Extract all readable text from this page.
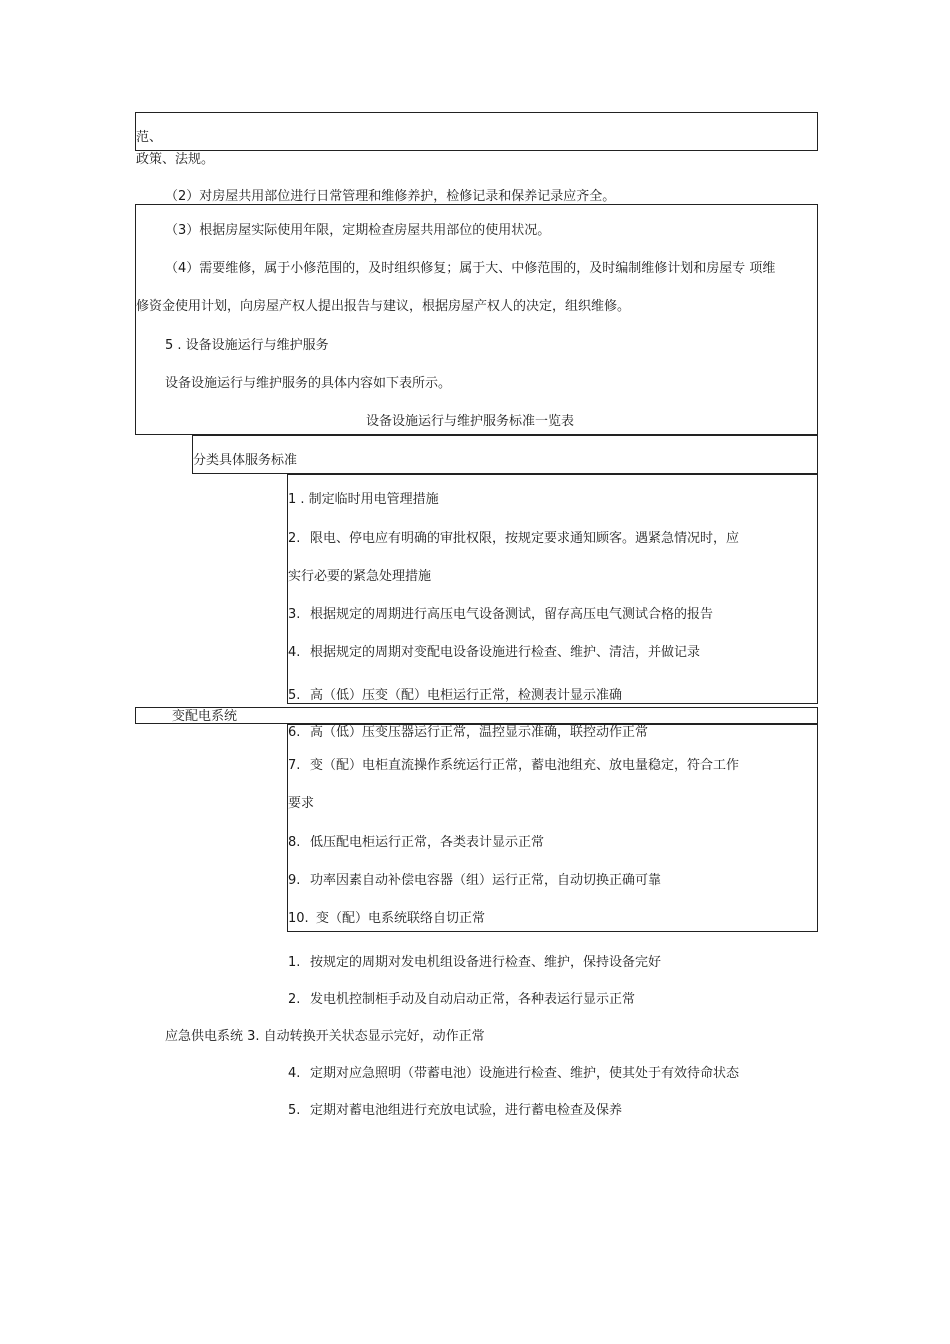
范、
政策、法规。
（2）对房屋共用部位进行日常管理和维修养护，检修记录和保养记录应齐全。
（3）根据房屋实际使用年限，定期检查房屋共用部位的使用状况。
（4）需要维修，属于小修范围的，及时组织修复；属于大、中修范围的，及时编制维修计划和房屋专 项维
修资金使用计划，向房屋产权人提出报告与建议，根据房屋产权人的决定，组织维修。
5 . 设备设施运行与维护服务
设备设施运行与维护服务的具体内容如下表所示。
设备设施运行与维护服务标准一览表
分类具体服务标准
变配电系统
1 . 制定临时用电管理措施
2. 限电、停电应有明确的审批权限，按规定要求通知顾客。遇紧急情况时，应
实行必要的紧急处理措施
3. 根据规定的周期进行高压电气设备测试，留存高压电气测试合格的报告
4. 根据规定的周期对变配电设备设施进行检查、维护、清洁，并做记录
5. 高（低）压变（配）电柜运行正常，检测表计显示准确
6. 高（低）压变压器运行正常，温控显示准确，联控动作正常
7. 变（配）电柜直流操作系统运行正常，蓄电池组充、放电量稳定，符合工作
要求
8. 低压配电柜运行正常，各类表计显示正常
9. 功率因素自动补偿电容器（组）运行正常，自动切换正确可靠
10. 变（配）电系统联络自切正常
1. 按规定的周期对发电机组设备进行检查、维护，保持设备完好
2. 发电机控制柜手动及自动启动正常，各种表运行显示正常
应急供电系统 3. 自动转换开关状态显示完好，动作正常
4. 定期对应急照明（带蓄电池）设施进行检查、维护，使其处于有效待命状态
5. 定期对蓄电池组进行充放电试验，进行蓄电检查及保养
